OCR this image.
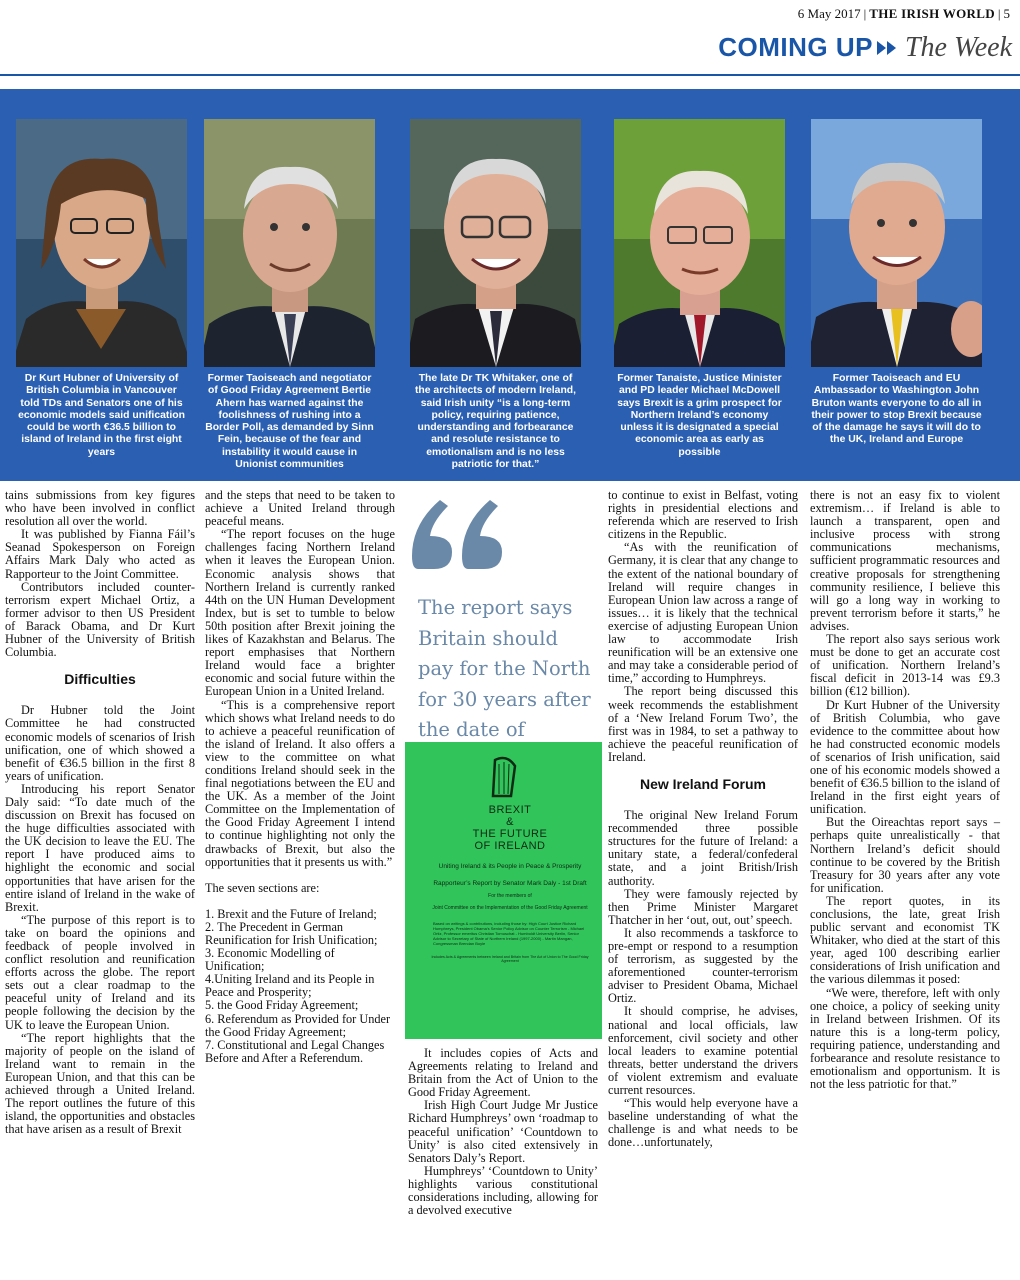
6 May 2017 | THE IRISH WORLD | 5
COMING UP The Week
Dr Kurt Hubner of University of British Columbia in Vancouver told TDs and Senators one of his economic models said unification could be worth €36.5 billion to island of Ireland in the first eight years
Former Taoiseach and negotiator of Good Friday Agreement Bertie Ahern has warned against the foolishness of rushing into a Border Poll, as demanded by Sinn Fein, because of the fear and instability it would cause in Unionist communities
The late Dr TK Whitaker, one of the architects of modern Ireland, said Irish unity “is a long-term policy, requiring patience, understanding and forbearance and resolute resistance to emotionalism and is no less patriotic for that.”
Former Tanaiste, Justice Minister and PD leader Michael McDowell says Brexit is a grim prospect for Northern Ireland’s economy unless it is designated a special economic area as early as possible
Former Taoiseach and EU Ambassador to Washington John Bruton wants everyone to do all in their power to stop Brexit because of the damage he says it will do to the UK, Ireland and Europe

tains submissions from key figures who have been involved in conflict resolution all over the world.

It was published by Fianna Fáil’s Seanad Spokesperson on Foreign Affairs Mark Daly who acted as Rapporteur to the Joint Committee.

Contributors included counter-terrorism expert Michael Ortiz, a former advisor to then US President of Barack Obama, and Dr Kurt Hubner of the University of British Columbia.

Difficulties

Dr Hubner told the Joint Committee he had constructed economic models of scenarios of Irish unification, one of which showed a benefit of €36.5 billion in the first 8 years of unification.

Introducing his report Senator Daly said: “To date much of the discussion on Brexit has focused on the huge difficulties associated with the UK decision to leave the EU. The report I have produced aims to highlight the economic and social opportunities that have arisen for the entire island of Ireland in the wake of Brexit.

“The purpose of this report is to take on board the opinions and feedback of people involved in conflict resolution and reunification efforts across the globe. The report sets out a clear roadmap to the peaceful unity of Ireland and its people following the decision by the UK to leave the European Union.

“The report highlights that the majority of people on the island of Ireland want to remain in the European Union, and that this can be achieved through a United Ireland. The report outlines the future of this island, the opportunities and obstacles that have arisen as a result of Brexit

and the steps that need to be taken to achieve a United Ireland through peaceful means.

“The report focuses on the huge challenges facing Northern Ireland when it leaves the European Union. Economic analysis shows that Northern Ireland is currently ranked 44th on the UN Human Development Index, but is set to tumble to below 50th position after Brexit joining the likes of Kazakhstan and Belarus. The report emphasises that Northern Ireland would face a brighter economic and social future within the European Union in a United Ireland.

“This is a comprehensive report which shows what Ireland needs to do to achieve a peaceful reunification of the island of Ireland. It also offers a view to the committee on what conditions Ireland should seek in the final negotiations between the EU and the UK. As a member of the Joint Committee on the Implementation of the Good Friday Agreement I intend to continue highlighting not only the drawbacks of Brexit, but also the opportunities that it presents us with.”

The seven sections are:

1. Brexit and the Future of Ireland;

2. The Precedent in German Reunification for Irish Unification;

3. Economic Modelling of Unification;

4.Uniting Ireland and its People in Peace and Prosperity;

5. the Good Friday Agreement;

6. Referendum as Provided for Under the Good Friday Agreement;

7. Constitutional and Legal Changes Before and After a Referendum.

The report says Britain should pay for the North for 30 years after the date of
BREXIT
&
THE FUTURE
OF IRELAND
Uniting Ireland & its People in Peace & Prosperity
Rapporteur’s Report by Senator Mark Daly - 1st Draft
For the members of
Joint Committee on the Implementation of the Good Friday Agreement
Based on writings & contributions, including those by: High Court Justice Richard Humphreys, President Obama’s Senior Policy Advisor on Counter Terrorism - Michael Ortiz, Professor emeritus Christian Tomuschat - Humboldt University Berlin, Senior Advisor to Secretary of State of Northern Ireland (1997-2000) - Martin Mangan, Congressman Brendan Boyle
Includes Acts & Agreements between Ireland and Britain from The Act of Union to The Good Friday Agreement

It includes copies of Acts and Agreements relating to Ireland and Britain from the Act of Union to the Good Friday Agreement.

Irish High Court Judge Mr Justice Richard Humphreys’ own ‘roadmap to peaceful unification’ ‘Countdown to Unity’ is also cited extensively in Senators Daly’s Report.

Humphreys’ ‘Countdown to Unity’ highlights various constitutional considerations including, allowing for a devolved executive

to continue to exist in Belfast, voting rights in presidential elections and referenda which are reserved to Irish citizens in the Republic.

“As with the reunification of Germany, it is clear that any change to the extent of the national boundary of Ireland will require changes in European Union law across a range of issues… it is likely that the technical exercise of adjusting European Union law to accommodate Irish reunification will be an extensive one and may take a considerable period of time,” according to Humphreys.

The report being discussed this week recommends the establishment of a ‘New Ireland Forum Two’, the first was in 1984, to set a pathway to achieve the peaceful reunification of Ireland.

New Ireland Forum

The original New Ireland Forum recommended three possible structures for the future of Ireland: a unitary state, a federal/confederal state, and a joint British/Irish authority.

They were famously rejected by then Prime Minister Margaret Thatcher in her ‘out, out, out’ speech.

It also recommends a taskforce to pre-empt or respond to a resumption of terrorism, as suggested by the aforementioned counter-terrorism adviser to President Obama, Michael Ortiz.

It should comprise, he advises, national and local officials, law enforcement, civil society and other local leaders to examine potential threats, better understand the drivers of violent extremism and evaluate current resources.

“This would help everyone have a baseline understanding of what the challenge is and what needs to be done…unfortunately,

there is not an easy fix to violent extremism… if Ireland is able to launch a transparent, open and inclusive process with strong communications mechanisms, sufficient programmatic resources and creative proposals for strengthening community resilience, I believe this will go a long way in working to prevent terrorism before it starts,” he advises.

The report also says serious work must be done to get an accurate cost of unification. Northern Ireland’s fiscal deficit in 2013-14 was £9.3 billion (€12 billion).

Dr Kurt Hubner of the University of British Columbia, who gave evidence to the committee about how he had constructed economic models of scenarios of Irish unification, said one of his economic models showed a benefit of €36.5 billion to the island of Ireland in the first eight years of unification.

But the Oireachtas report says – perhaps quite unrealistically - that Northern Ireland’s deficit should continue to be covered by the British Treasury for 30 years after any vote for unification.

The report quotes, in its conclusions, the late, great Irish public servant and economist TK Whitaker, who died at the start of this year, aged 100 describing earlier considerations of Irish unification and the various dilemmas it posed:

“We were, therefore, left with only one choice, a policy of seeking unity in Ireland between Irishmen. Of its nature this is a long-term policy, requiring patience, understanding and forbearance and resolute resistance to emotionalism and opportunism. It is not the less patriotic for that.”
